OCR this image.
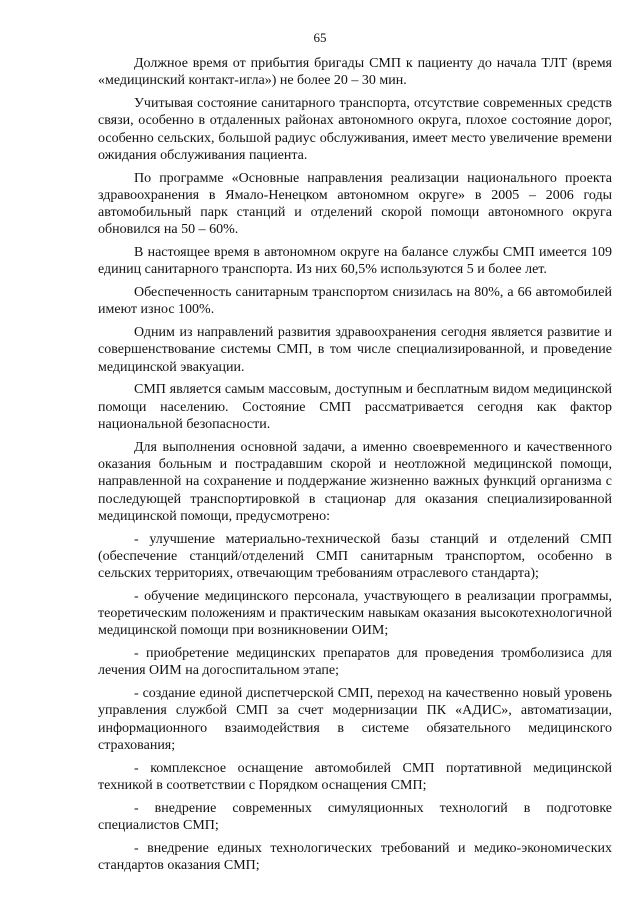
65

Должное время от прибытия бригады СМП к пациенту до начала ТЛТ (время «медицинский контакт-игла») не более 20 – 30 мин.

Учитывая состояние санитарного транспорта, отсутствие современных средств связи, особенно в отдаленных районах автономного округа, плохое состояние дорог, особенно сельских, большой радиус обслуживания, имеет место увеличение времени ожидания обслуживания пациента.

По программе «Основные направления реализации национального проекта здравоохранения в Ямало-Ненецком автономном округе» в 2005 – 2006 годы автомобильный парк станций и отделений скорой помощи автономного округа обновился на 50 – 60%.

В настоящее время в автономном округе на балансе службы СМП имеется 109 единиц санитарного транспорта. Из них 60,5% используются 5 и более лет.

Обеспеченность санитарным транспортом снизилась на 80%, а 66 автомобилей имеют износ 100%.

Одним из направлений развития здравоохранения сегодня является развитие и совершенствование системы СМП, в том числе специализированной, и проведение медицинской эвакуации.

СМП является самым массовым, доступным и бесплатным видом медицинской помощи населению. Состояние СМП рассматривается сегодня как фактор национальной безопасности.

Для выполнения основной задачи, а именно своевременного и качественного оказания больным и пострадавшим скорой и неотложной медицинской помощи, направленной на сохранение и поддержание жизненно важных функций организма с последующей транспортировкой в стационар для оказания специализированной медицинской помощи, предусмотрено:

- улучшение материально-технической базы станций и отделений СМП (обеспечение станций/отделений СМП санитарным транспортом, особенно в сельских территориях, отвечающим требованиям отраслевого стандарта);

- обучение медицинского персонала, участвующего в реализации программы, теоретическим положениям и практическим навыкам оказания высокотехнологичной медицинской помощи при возникновении ОИМ;

- приобретение медицинских препаратов для проведения тромболизиса для лечения ОИМ на догоспитальном этапе;

- создание единой диспетчерской СМП, переход на качественно новый уровень управления службой СМП за счет модернизации ПК «АДИС», автоматизации, информационного взаимодействия в системе обязательного медицинского страхования;

- комплексное оснащение автомобилей СМП портативной медицинской техникой в соответствии с Порядком оснащения СМП;

- внедрение современных симуляционных технологий в подготовке специалистов СМП;

- внедрение единых технологических требований и медико-экономических стандартов оказания СМП;
